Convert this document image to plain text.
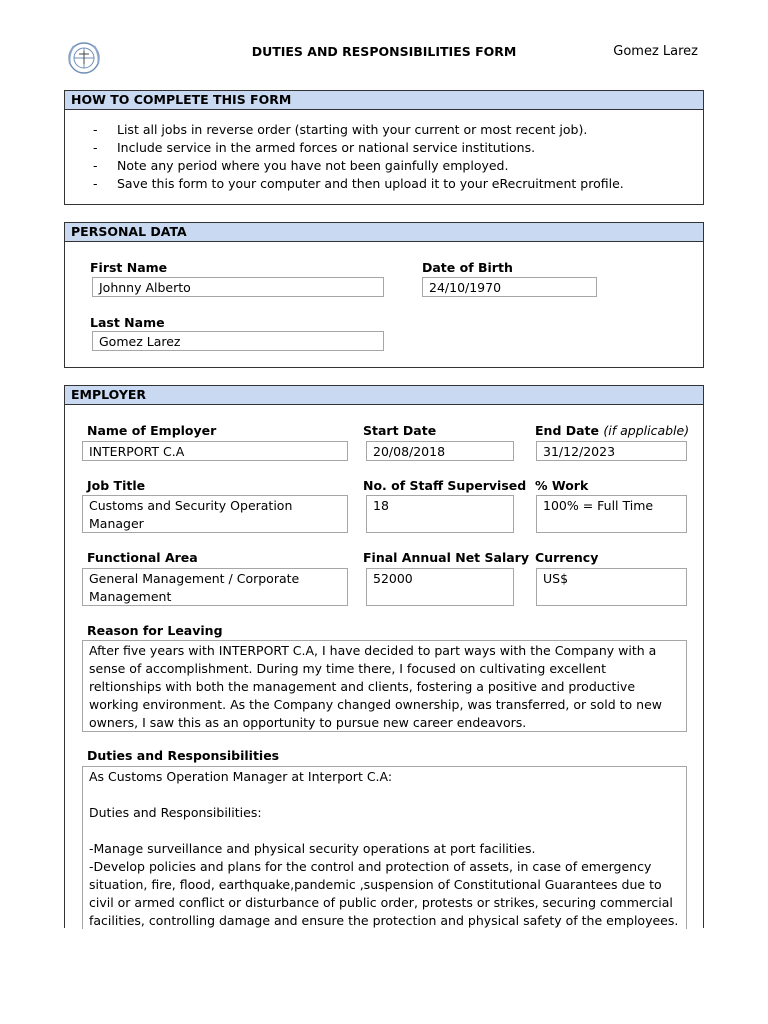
DUTIES AND RESPONSIBILITIES FORM	Gomez Larez
HOW TO COMPLETE THIS FORM
- List all jobs in reverse order (starting with your current or most recent job).
- Include service in the armed forces or national service institutions.
- Note any period where you have not been gainfully employed.
- Save this form to your computer and then upload it to your eRecruitment profile.
PERSONAL DATA
First Name
Johnny Alberto
Date of Birth
24/10/1970
Last Name
Gomez Larez
EMPLOYER
Name of Employer
INTERPORT C.A
Start Date
20/08/2018
End Date (if applicable)
31/12/2023
Job Title
Customs and Security Operation Manager
No. of Staff Supervised
18
% Work
100% = Full Time
Functional Area
General Management / Corporate Management
Final Annual Net Salary
52000
Currency
US$
Reason for Leaving
After five years with INTERPORT C.A, I have decided to part ways with the Company with a sense of accomplishment. During my time there, I focused on cultivating excellent reltionships with both the management and clients, fostering a positive and productive working environment. As the Company changed ownership, was transferred, or sold to new owners, I saw this as an opportunity to pursue new career endeavors.
Duties and Responsibilities
As Customs Operation Manager at Interport C.A:

Duties and Responsibilities:

-Manage surveillance and physical security operations at port facilities.
-Develop policies and plans for the control and protection of assets, in case of emergency situation, fire, flood, earthquake,pandemic ,suspension of Constitutional Guarantees due to civil or armed conflict or disturbance of public order, protests or strikes, securing commercial facilities, controlling damage and ensure the protection and physical safety of the employees.
